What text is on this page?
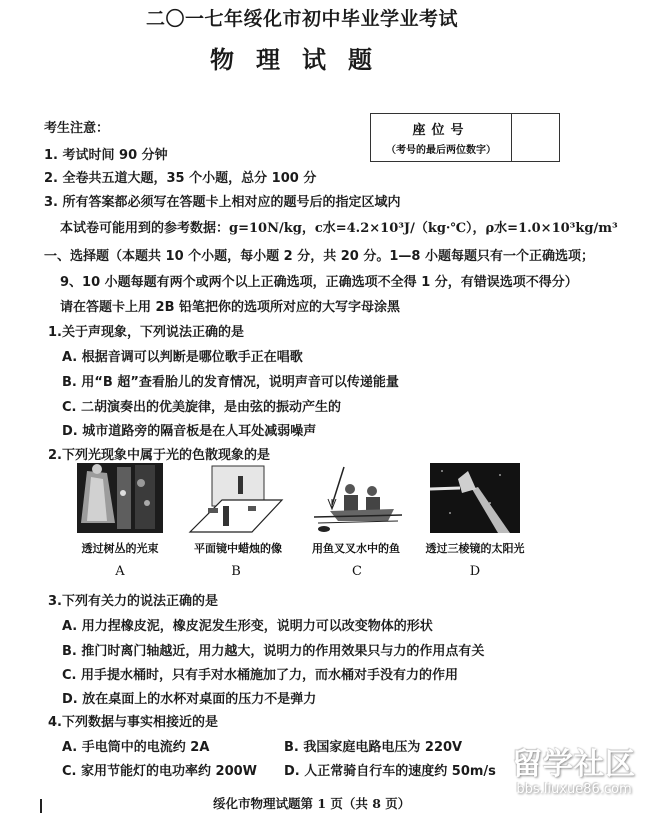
二〇一七年绥化市初中毕业学业考试
物理试题
考生注意：
1. 考试时间 90 分钟
2. 全卷共五道大题，35 个小题，总分 100 分
3. 所有答案都必须写在答题卡上相对应的题号后的指定区域内
座位号
（考号的最后两位数字）
本试卷可能用到的参考数据：g=10N/kg，c水=4.2×10³J/（kg·℃），ρ水=1.0×10³kg/m³
一、选择题（本题共 10 个小题，每小题 2 分，共 20 分。1—8 小题每题只有一个正确选项；
9、10 小题每题有两个或两个以上正确选项，正确选项不全得 1 分，有错误选项不得分）
请在答题卡上用 2B 铅笔把你的选项所对应的大写字母涂黑
1.关于声现象，下列说法正确的是
A. 根据音调可以判断是哪位歌手正在唱歌
B. 用“B 超”查看胎儿的发育情况，说明声音可以传递能量
C. 二胡演奏出的优美旋律，是由弦的振动产生的
D. 城市道路旁的隔音板是在人耳处减弱噪声
2.下列光现象中属于光的色散现象的是
透过树丛的光束	平面镜中蜡烛的像	用鱼叉叉水中的鱼	透过三棱镜的太阳光
A	B	C	D
3.下列有关力的说法正确的是
A. 用力捏橡皮泥，橡皮泥发生形变，说明力可以改变物体的形状
B. 推门时离门轴越近，用力越大，说明力的作用效果只与力的作用点有关
C. 用手提水桶时，只有手对水桶施加了力，而水桶对手没有力的作用
D. 放在桌面上的水杯对桌面的压力不是弹力
4.下列数据与事实相接近的是
A. 手电筒中的电流约 2A	B. 我国家庭电路电压为 220V
C. 家用节能灯的电功率约 200W D. 人正常骑自行车的速度约 50m/s
绥化市物理试题第 1 页（共 8 页）
留学社区
bbs.liuxue86.com
